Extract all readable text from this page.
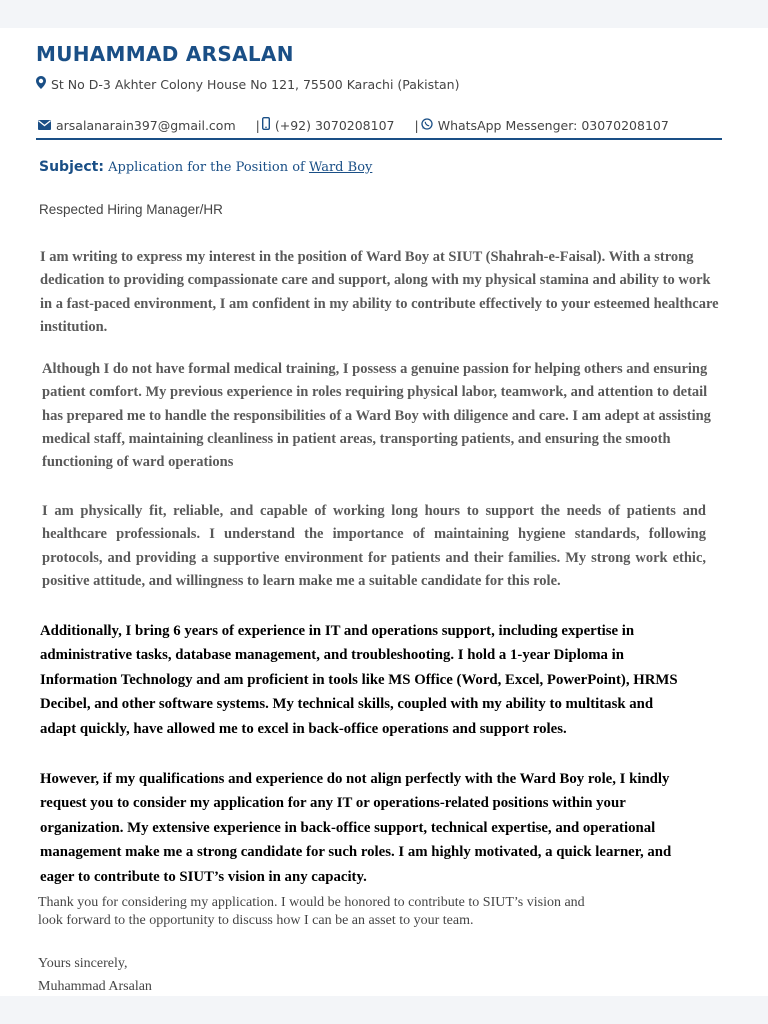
MUHAMMAD ARSALAN
St No D-3 Akhter Colony House No 121, 75500 Karachi (Pakistan)
arsalanarain397@gmail.com | (+92) 3070208107 | WhatsApp Messenger:
03070208107
Subject: Application for the Position of Ward Boy
Respected Hiring Manager/HR

I am writing to express my interest in the position of Ward Boy at SIUT (Shahrah-e-Faisal). With a strong dedication to providing compassionate care and support, along with my physical stamina and ability to work in a fast-paced environment, I am confident in my ability to contribute effectively to your esteemed healthcare institution.

Although I do not have formal medical training, I possess a genuine passion for helping others and ensuring patient comfort. My previous experience in roles requiring physical labor, teamwork, and attention to detail has prepared me to handle the responsibilities of a Ward Boy with diligence and care. I am adept at assisting medical staff, maintaining cleanliness in patient areas, transporting patients, and ensuring the smooth functioning of ward operations

I am physically fit, reliable, and capable of working long hours to support the needs of patients and healthcare professionals. I understand the importance of maintaining hygiene standards, following protocols, and providing a supportive environment for patients and their families. My strong work ethic, positive attitude, and willingness to learn make me a suitable candidate for this role.

Additionally, I bring 6 years of experience in IT and operations support, including expertise in administrative tasks, database management, and troubleshooting. I hold a 1-year Diploma in Information Technology and am proficient in tools like MS Office (Word, Excel, PowerPoint), HRMS Decibel, and other software systems. My technical skills, coupled with my ability to multitask and adapt quickly, have allowed me to excel in back-office operations and support roles.

However, if my qualifications and experience do not align perfectly with the Ward Boy role, I kindly request you to consider my application for any IT or operations-related positions within your organization. My extensive experience in back-office support, technical expertise, and operational management make me a strong candidate for such roles. I am highly motivated, a quick learner, and eager to contribute to SIUT’s vision in any capacity.

Thank you for considering my application. I would be honored to contribute to SIUT’s vision and look forward to the opportunity to discuss how I can be an asset to your team.

Yours sincerely,
Muhammad Arsalan
